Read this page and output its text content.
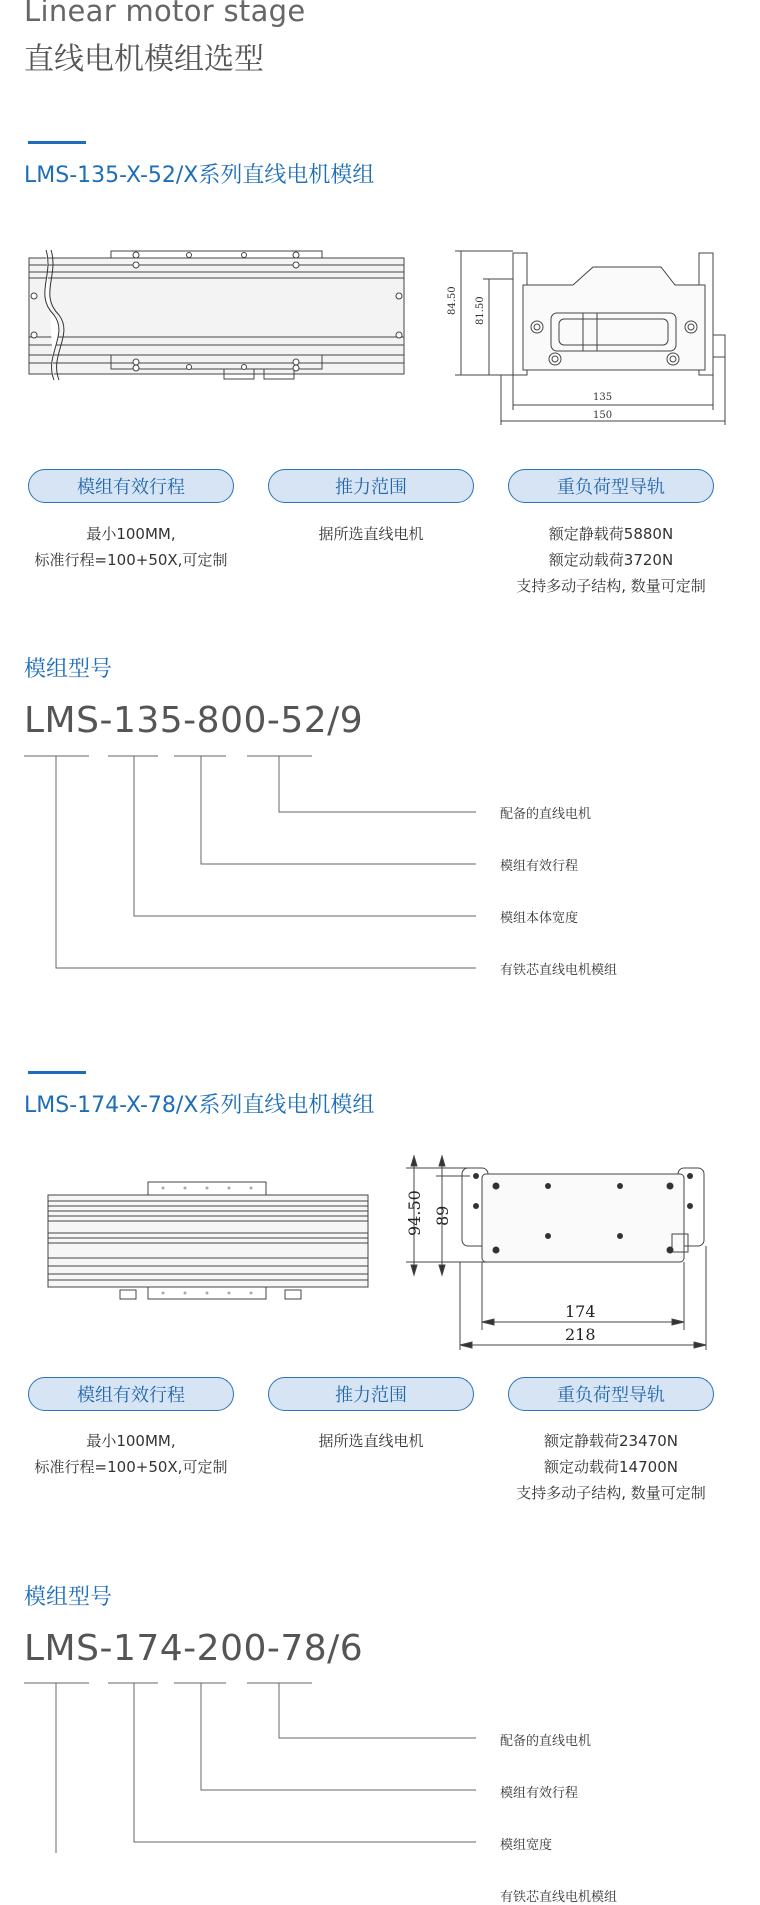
Linear motor stage
直线电机模组选型
LMS-135-X-52/X系列直线电机模组
84.50 81.50
135
150
模组有效行程	推力范围	重负荷型导轨
最小100MM,
标准行程=100+50X,可定制
据所选直线电机	额定静载荷5880N
额定动载荷3720N
支持多动子结构, 数量可定制
模组型号
LMS-135-800-52/9
配备的直线电机
模组有效行程
模组本体宽度
有铁芯直线电机模组
LMS-174-X-78/X系列直线电机模组
94.50 89
174
218
模组有效行程	推力范围	重负荷型导轨
最小100MM,
标准行程=100+50X,可定制
据所选直线电机	额定静载荷23470N
额定动载荷14700N
支持多动子结构, 数量可定制
模组型号
LMS-174-200-78/6
配备的直线电机
模组有效行程
模组宽度
有铁芯直线电机模组
